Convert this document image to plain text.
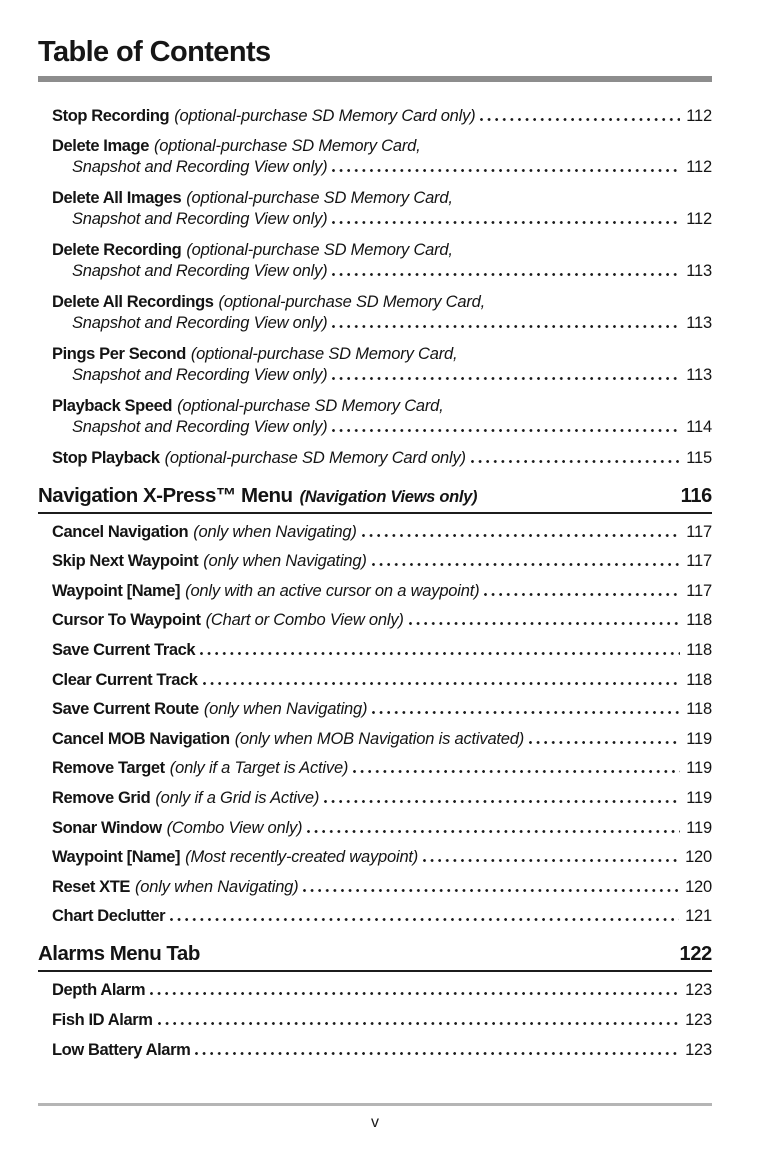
Table of Contents
Stop Recording (optional-purchase SD Memory Card only)	112
Delete Image (optional-purchase SD Memory Card,
Snapshot and Recording View only)	112
Delete All Images (optional-purchase SD Memory Card,
Snapshot and Recording View only)	112
Delete Recording (optional-purchase SD Memory Card,
Snapshot and Recording View only)	113
Delete All Recordings (optional-purchase SD Memory Card,
Snapshot and Recording View only)	113
Pings Per Second (optional-purchase SD Memory Card,
Snapshot and Recording View only)	113
Playback Speed (optional-purchase SD Memory Card,
Snapshot and Recording View only)	114
Stop Playback (optional-purchase SD Memory Card only)	115
Navigation X-Press™ Menu (Navigation Views only)	116
Cancel Navigation (only when Navigating)	117
Skip Next Waypoint (only when Navigating)	117
Waypoint [Name] (only with an active cursor on a waypoint)	117
Cursor To Waypoint (Chart or Combo View only)	118
Save Current Track	118
Clear Current Track	118
Save Current Route (only when Navigating)	118
Cancel MOB Navigation (only when MOB Navigation is activated)	119
Remove Target (only if a Target is Active)	119
Remove Grid (only if a Grid is Active)	119
Sonar Window (Combo View only)	119
Waypoint [Name] (Most recently-created waypoint)	120
Reset XTE (only when Navigating)	120
Chart Declutter	121
Alarms Menu Tab	122
Depth Alarm	123
Fish ID Alarm	123
Low Battery Alarm	123
v
